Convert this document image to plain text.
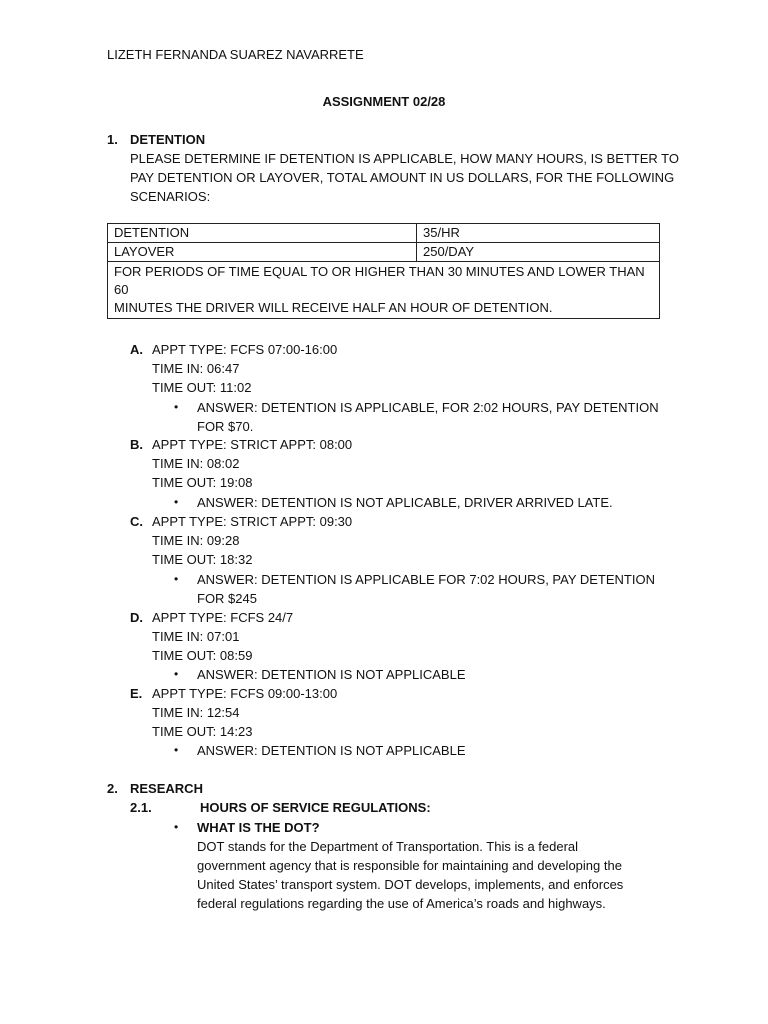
LIZETH FERNANDA SUAREZ NAVARRETE
ASSIGNMENT 02/28
1. DETENTION
PLEASE DETERMINE IF DETENTION IS APPLICABLE, HOW MANY HOURS, IS BETTER TO
PAY DETENTION OR LAYOVER, TOTAL AMOUNT IN US DOLLARS, FOR THE FOLLOWING
SCENARIOS:
DETENTION	35/HR
LAYOVER	250/DAY

FOR PERIODS OF TIME EQUAL TO OR HIGHER THAN 30 MINUTES AND LOWER THAN 60
MINUTES THE DRIVER WILL RECEIVE HALF AN HOUR OF DETENTION.	
A. APPT TYPE: FCFS 07:00-16:00
TIME IN: 06:47
TIME OUT: 11:02
• ANSWER: DETENTION IS APPLICABLE, FOR 2:02 HOURS, PAY DETENTION
FOR $70.
B. APPT TYPE: STRICT APPT: 08:00
TIME IN: 08:02
TIME OUT: 19:08
• ANSWER: DETENTION IS NOT APLICABLE, DRIVER ARRIVED LATE.
C. APPT TYPE: STRICT APPT: 09:30
TIME IN: 09:28
TIME OUT: 18:32
• ANSWER: DETENTION IS APPLICABLE FOR 7:02 HOURS, PAY DETENTION
FOR $245
D. APPT TYPE: FCFS 24/7
TIME IN: 07:01
TIME OUT: 08:59
• ANSWER: DETENTION IS NOT APPLICABLE
E. APPT TYPE: FCFS 09:00-13:00
TIME IN: 12:54
TIME OUT: 14:23
• ANSWER: DETENTION IS NOT APPLICABLE
2. RESEARCH
2.1.	HOURS OF SERVICE REGULATIONS:
• WHAT IS THE DOT?
DOT stands for the Department of Transportation. This is a federal
government agency that is responsible for maintaining and developing the
United States’ transport system. DOT develops, implements, and enforces
federal regulations regarding the use of America’s roads and highways.
